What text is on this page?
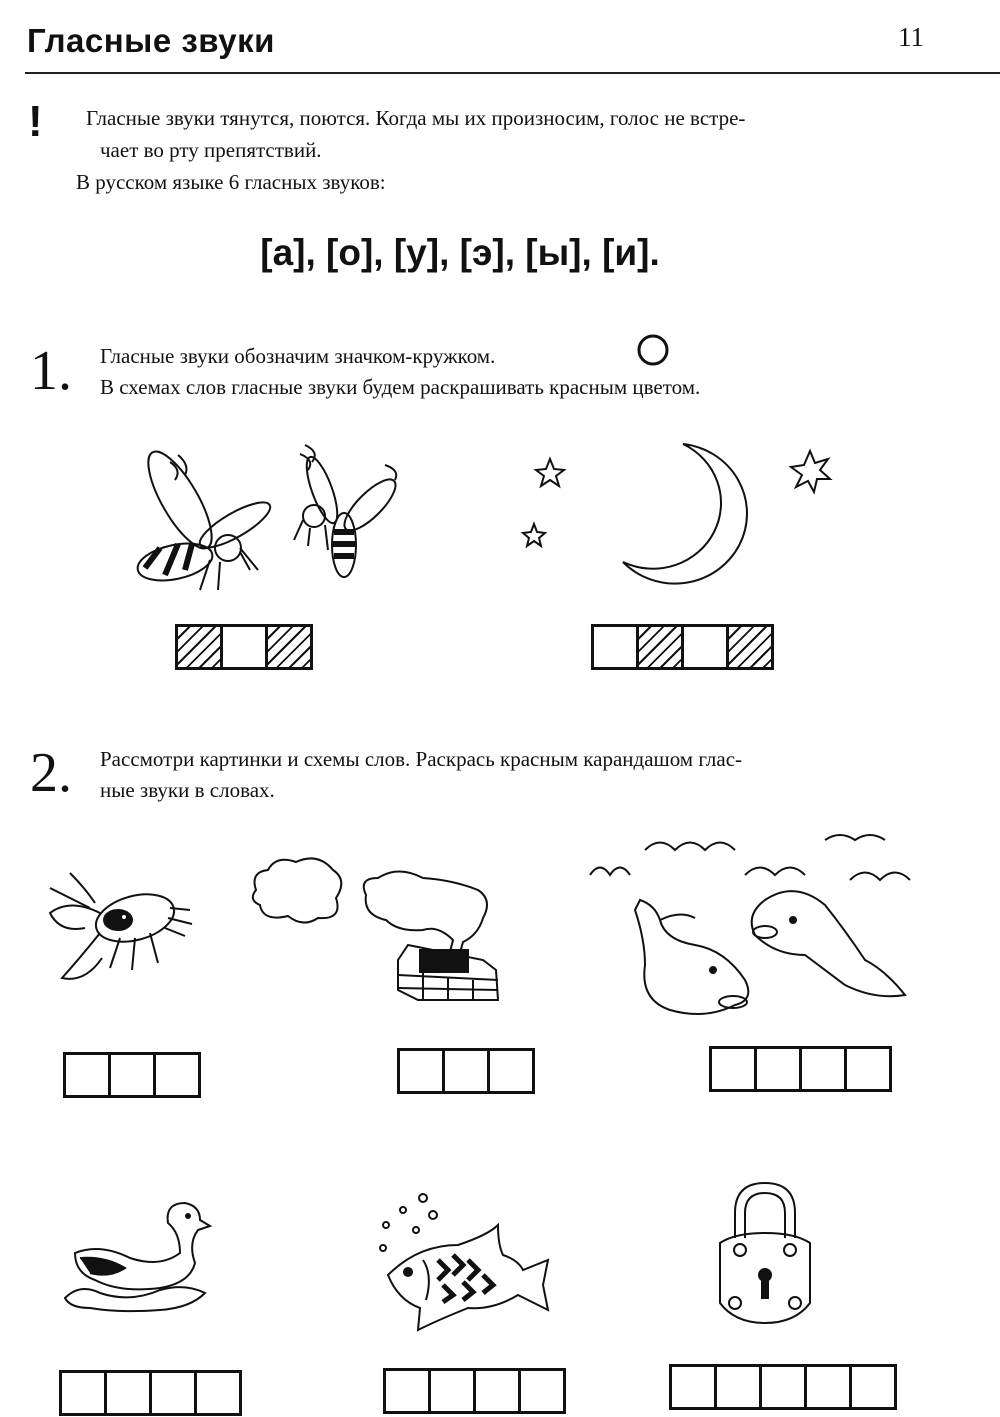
Гласные звуки	11
! Гласные звуки тянутся, поются. Когда мы их произносим, голос не встре-
чает во рту препятствий.
В русском языке 6 гласных звуков:
[а], [о], [у], [э], [ы], [и].
1. Гласные звуки обозначим значком-кружком.
В схемах слов гласные звуки будем раскрашивать красным цветом.
2. Рассмотри картинки и схемы слов. Раскрась красным карандашом глас-
ные звуки в словах.
